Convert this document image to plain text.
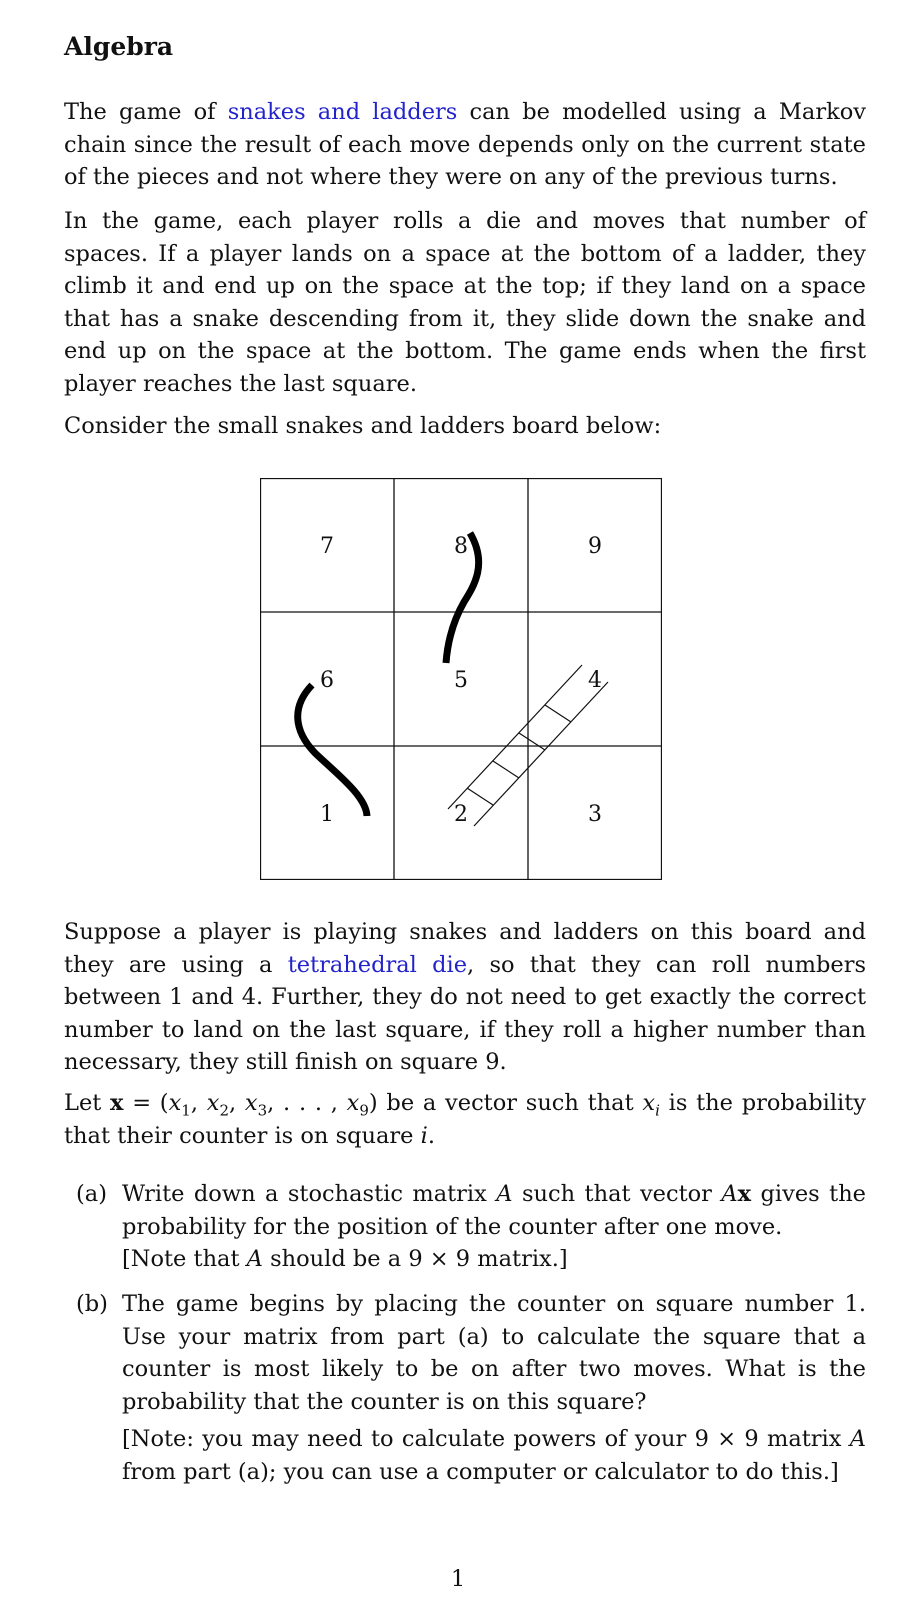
Algebra

The game of snakes and ladders can be modelled using a Markov chain since the result of each move depends only on the current state of the pieces and not where they were on any of the previous turns.

In the game, each player rolls a die and moves that number of spaces. If a player lands on a space at the bottom of a ladder, they climb it and end up on the space at the top; if they land on a space that has a snake descending from it, they slide down the snake and end up on the space at the bottom. The game ends when the first player reaches the last square.

Consider the small snakes and ladders board below:

7	8	9
6	5	4
1	2	3

Suppose a player is playing snakes and ladders on this board and they are using a tetrahedral die, so that they can roll numbers between 1 and 4. Further, they do not need to get exactly the correct number to land on the last square, if they roll a higher number than necessary, they still finish on square 9.

Let $x = (x_1$, $x_2$, $x_3$, . . . , $x_9$) be a vector such that $x_i$ is the probability that their counter is on square i.

(a) Write down a stochastic matrix A such that vector Ax gives the probability for the position of the counter after one move.

[Note that A should be a 9 × 9 matrix.]

(b) The game begins by placing the counter on square number 1. Use your matrix from part (a) to calculate the square that a counter is most likely to be on after two moves. What is the probability that the counter is on this square?

[Note: you may need to calculate powers of your 9 × 9 matrix A from part (a); you can use a computer or calculator to do this.]

1
